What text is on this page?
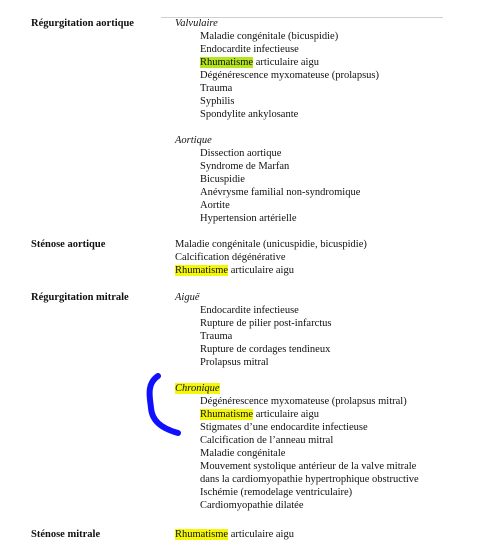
Régurgitation aortique	Valvulaire
Maladie congénitale (bicuspidie)
Endocardite infectieuse
Rhumatisme articulaire aigu
Dégénérescence myxomateuse (prolapsus)
Trauma
Syphilis
Spondylite ankylosante
Aortique
Dissection aortique
Syndrome de Marfan
Bicuspidie
Anévrysme familial non-syndromique
Aortite
Hypertension artérielle
Sténose aortique	Maladie congénitale (unicuspidie, bicuspidie)
Calcification dégénérative
Rhumatisme articulaire aigu
Régurgitation mitrale	Aiguë
Endocardite infectieuse
Rupture de pilier post-infarctus
Trauma
Rupture de cordages tendineux
Prolapsus mitral
Chronique
Dégénérescence myxomateuse (prolapsus mitral)
Rhumatisme articulaire aigu
Stigmates d’une endocardite infectieuse
Calcification de l’anneau mitral
Maladie congénitale
Mouvement systolique antérieur de la valve mitrale
dans la cardiomyopathie hypertrophique obstructive
Ischémie (remodelage ventriculaire)
Cardiomyopathie dilatée
Sténose mitrale	Rhumatisme articulaire aigu
